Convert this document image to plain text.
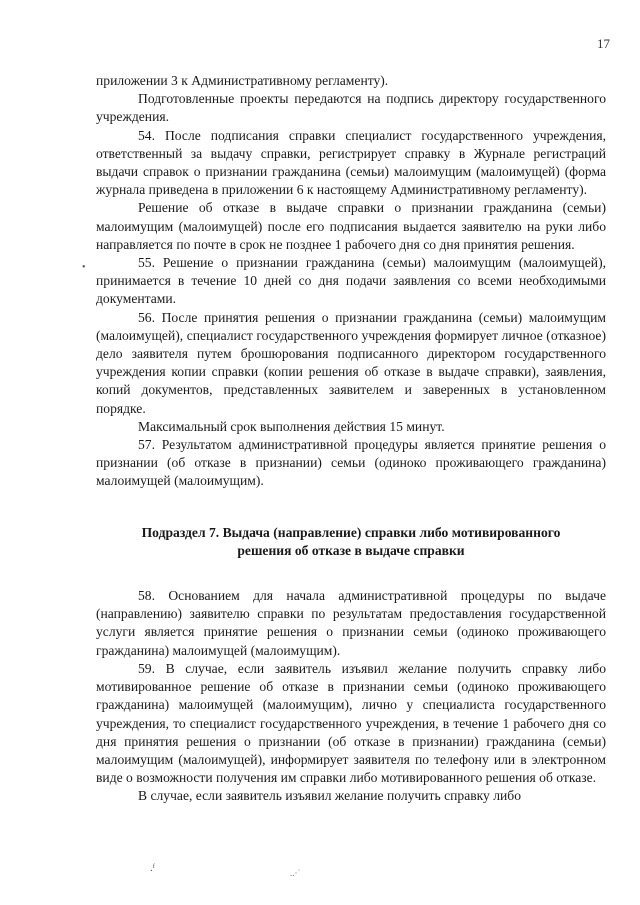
17
•

приложении 3 к Административному регламенту).

Подготовленные проекты передаются на подпись директору государственного учреждения.

54. После подписания справки специалист государственного учреждения, ответственный за выдачу справки, регистрирует справку в Журнале регистраций выдачи справок о признании гражданина (семьи) малоимущим (малоимущей) (форма журнала приведена в приложении 6 к настоящему Административному регламенту).

Решение об отказе в выдаче справки о признании гражданина (семьи) малоимущим (малоимущей) после его подписания выдается заявителю на руки либо направляется по почте в срок не позднее 1 рабочего дня со дня принятия решения.

55. Решение о признании гражданина (семьи) малоимущим (малоимущей), принимается в течение 10 дней со дня подачи заявления со всеми необходимыми документами.

56. После принятия решения о признании гражданина (семьи) малоимущим (малоимущей), специалист государственного учреждения формирует личное (отказное) дело заявителя путем брошюрования подписанного директором государственного учреждения копии справки (копии решения об отказе в выдаче справки), заявления, копий документов, представленных заявителем и заверенных в установленном порядке.

Максимальный срок выполнения действия 15 минут.

57. Результатом административной процедуры является принятие решения о признании (об отказе в признании) семьи (одиноко проживающего гражданина) малоимущей (малоимущим).

Подраздел 7. Выдача (направление) справки либо мотивированного
решения об отказе в выдаче справки

58. Основанием для начала административной процедуры по выдаче (направлению) заявителю справки по результатам предоставления государственной услуги является принятие решения о признании семьи (одиноко проживающего гражданина) малоимущей (малоимущим).

59. В случае, если заявитель изъявил желание получить справку либо мотивированное решение об отказе в признании семьи (одиноко проживающего гражданина) малоимущей (малоимущим), лично у специалиста государственного учреждения, то специалист государственного учреждения, в течение 1 рабочего дня со дня принятия решения о признании (об отказе в признании) гражданина (семьи) малоимущим (малоимущей), информирует заявителя по телефону или в электронном виде о возможности получения им справки либо мотивированного решения об отказе.

В случае, если заявитель изъявил желание получить справку либо

.ᶠ	..·˙
